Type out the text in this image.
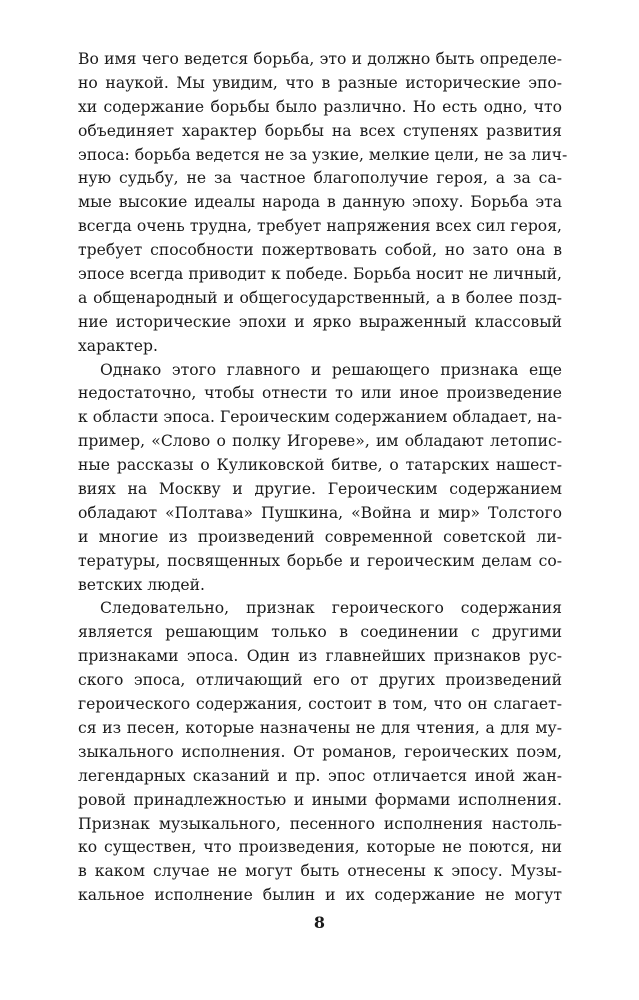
Во имя чего ведется борьба, это и должно быть определе-
но наукой. Мы увидим, что в разные исторические эпо-
хи содержание борьбы было различно. Но есть одно, что
объединяет характер борьбы на всех ступенях развития
эпоса: борьба ведется не за узкие, мелкие цели, не за лич-
ную судьбу, не за частное благополучие героя, а за са-
мые высокие идеалы народа в данную эпоху. Борьба эта
всегда очень трудна, требует напряжения всех сил героя,
требует способности пожертвовать собой, но зато она в
эпосе всегда приводит к победе. Борьба носит не личный,
а общенародный и общегосударственный, а в более позд-
ние исторические эпохи и ярко выраженный классовый
характер.
Однако этого главного и решающего признака еще
недостаточно, чтобы отнести то или иное произведение
к области эпоса. Героическим содержанием обладает, на-
пример, «Слово о полку Игореве», им обладают летопис-
ные рассказы о Куликовской битве, о татарских нашест-
виях на Москву и другие. Героическим содержанием
обладают «Полтава» Пушкина, «Война и мир» Толстого
и многие из произведений современной советской ли-
тературы, посвященных борьбе и героическим делам со-
ветских людей.
Следовательно, признак героического содержания
является решающим только в соединении с другими
признаками эпоса. Один из главнейших признаков рус-
ского эпоса, отличающий его от других произведений
героического содержания, состоит в том, что он слагает-
ся из песен, которые назначены не для чтения, а для му-
зыкального исполнения. От романов, героических поэм,
легендарных сказаний и пр. эпос отличается иной жан-
ровой принадлежностью и иными формами исполнения.
Признак музыкального, песенного исполнения настоль-
ко существен, что произведения, которые не поются, ни
в каком случае не могут быть отнесены к эпосу. Музы-
кальное исполнение былин и их содержание не могут
8
